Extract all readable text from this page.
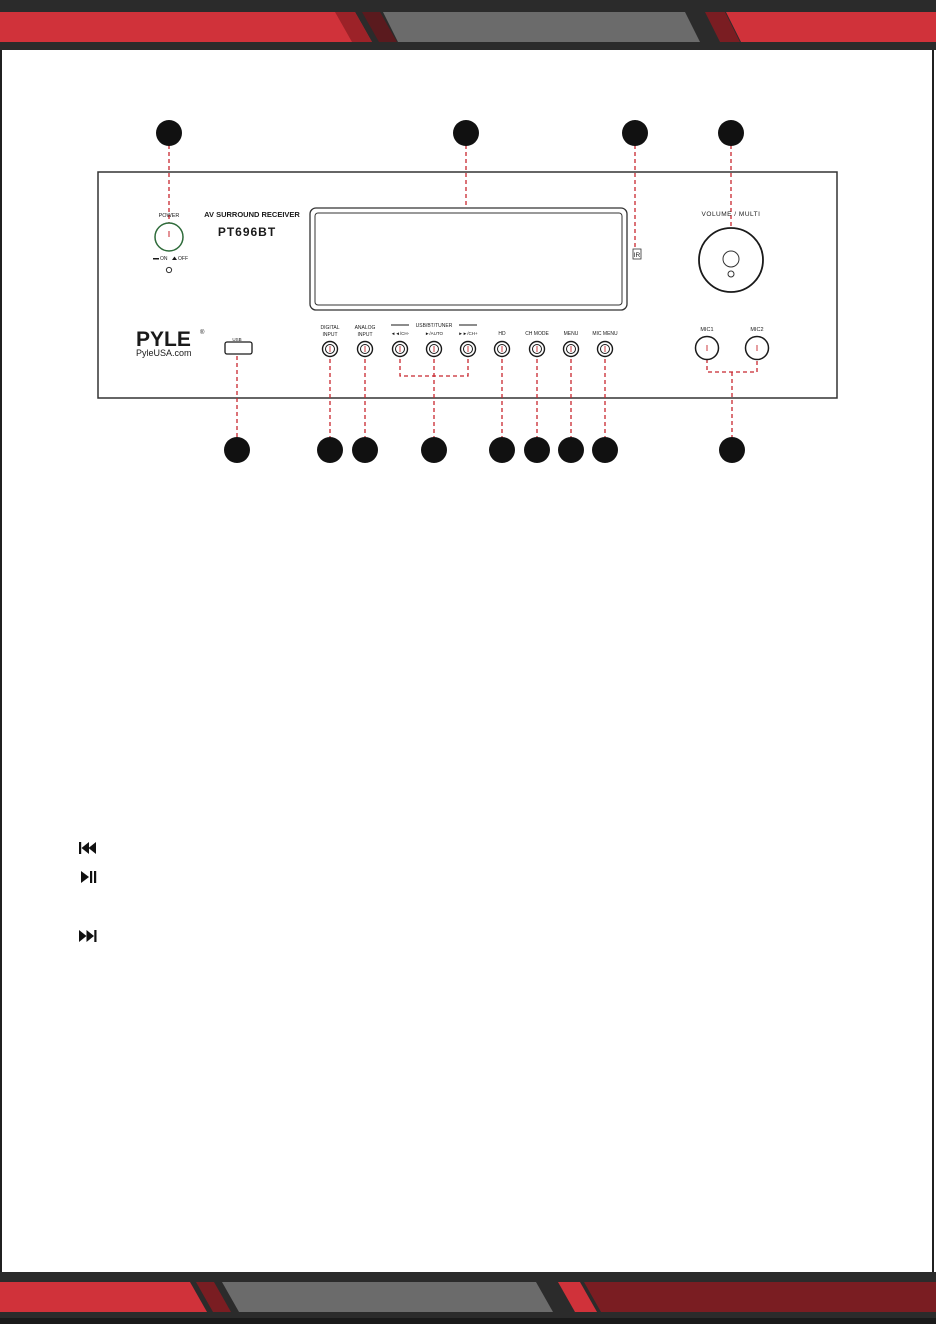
POWER
ON OFF
AV SURROUND RECEIVER
PT696BT
IR
VOLUME / MULTI
PYLE ®
PyleUSA.com
USB
DIGITAL
INPUT
ANALOG
INPUT
USB/BT/TUNER
◄◄/CH-	►/AUTO	►►/CH+	HD	CH MODE	MENU	MIC MENU
MIC1	MIC2
